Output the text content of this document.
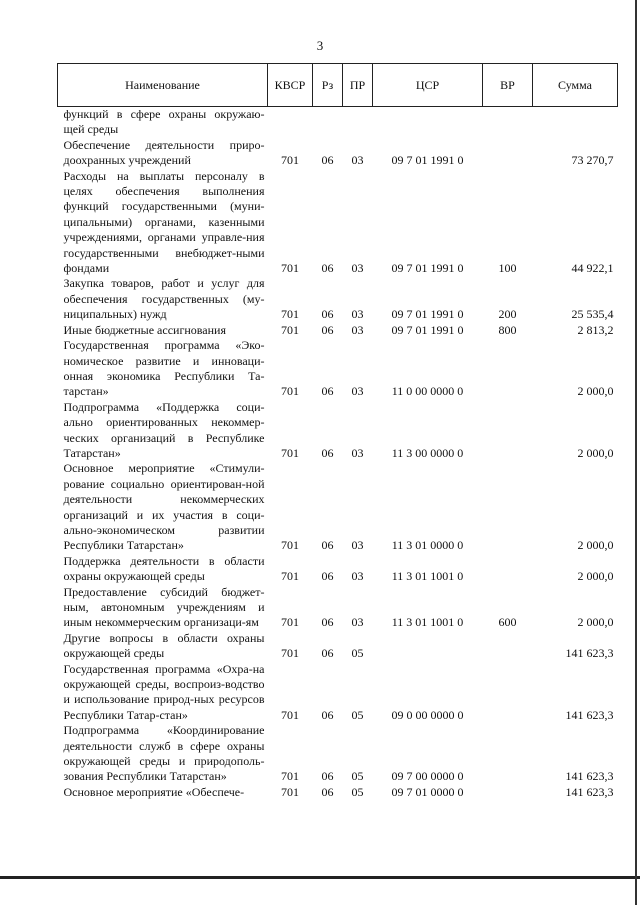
3
Наименование	КВСР	Рз	ПР	ЦСР	ВР	Сумма
функций в сфере охраны окружаю-щей среды						
Обеспечение деятельности приро-доохранных учреждений	701	06	03	09 7 01 1991 0		73 270,7
Расходы на выплаты персоналу в целях обеспечения выполнения функций государственными (муни-ципальными) органами, казенными учреждениями, органами управле-ния государственными внебюджет-ными фондами	701	06	03	09 7 01 1991 0	100	44 922,1
Закупка товаров, работ и услуг для обеспечения государственных (му-ниципальных) нужд	701	06	03	09 7 01 1991 0	200	25 535,4
Иные бюджетные ассигнования	701	06	03	09 7 01 1991 0	800	2 813,2
Государственная программа «Эко-номическое развитие и инноваци-онная экономика Республики Та-тарстан»	701	06	03	11 0 00 0000 0		2 000,0
Подпрограмма «Поддержка соци-ально ориентированных некоммер-ческих организаций в Республике Татарстан»	701	06	03	11 3 00 0000 0		2 000,0
Основное мероприятие «Стимули-рование социально ориентирован-ной деятельности некоммерческих организаций и их участия в соци-ально-экономическом развитии Республики Татарстан»	701	06	03	11 3 01 0000 0		2 000,0
Поддержка деятельности в области охраны окружающей среды	701	06	03	11 3 01 1001 0		2 000,0
Предоставление субсидий бюджет-ным, автономным учреждениям и иным некоммерческим организаци-ям	701	06	03	11 3 01 1001 0	600	2 000,0
Другие вопросы в области охраны окружающей среды	701	06	05			141 623,3
Государственная программа «Охра-на окружающей среды, воспроиз-водство и использование природ-ных ресурсов Республики Татар-стан»	701	06	05	09 0 00 0000 0		141 623,3
Подпрограмма «Координирование деятельности служб в сфере охраны окружающей среды и природополь-зования Республики Татарстан»	701	06	05	09 7 00 0000 0		141 623,3
Основное мероприятие «Обеспече-	701	06	05	09 7 01 0000 0		141 623,3
